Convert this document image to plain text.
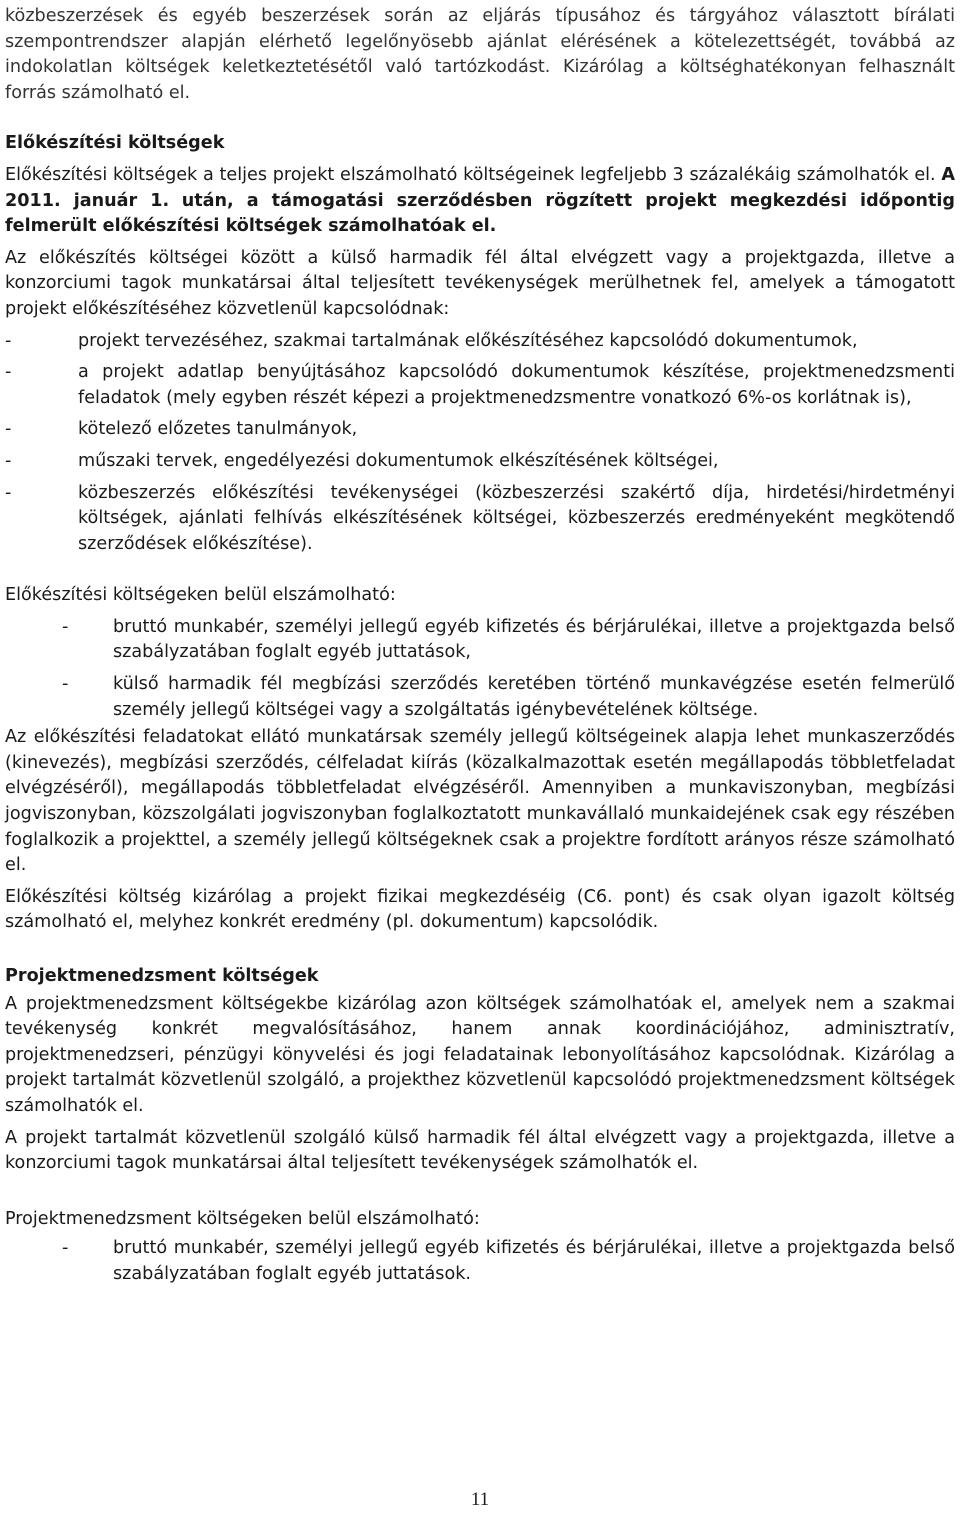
közbeszerzések és egyéb beszerzések során az eljárás típusához és tárgyához választott bírálati szempontrendszer alapján elérhető legelőnyösebb ajánlat elérésének a kötelezettségét, továbbá az indokolatlan költségek keletkeztetésétől való tartózkodást. Kizárólag a költséghatékonyan felhasznált forrás számolható el.

Előkészítési költségek

Előkészítési költségek a teljes projekt elszámolható költségeinek legfeljebb 3 százalékáig számolhatók el. A 2011. január 1. után, a támogatási szerződésben rögzített projekt megkezdési időpontig felmerült előkészítési költségek számolhatóak el.

Az előkészítés költségei között a külső harmadik fél által elvégzett vagy a projektgazda, illetve a konzorciumi tagok munkatársai által teljesített tevékenységek merülhetnek fel, amelyek a támogatott projekt előkészítéséhez közvetlenül kapcsolódnak:

-	projekt tervezéséhez, szakmai tartalmának előkészítéséhez kapcsolódó dokumentumok,
-	a projekt adatlap benyújtásához kapcsolódó dokumentumok készítése, projektmenedzsmenti feladatok (mely egyben részét képezi a projektmenedzsmentre vonatkozó 6%-os korlátnak is),
-	kötelező előzetes tanulmányok,
-	műszaki tervek, engedélyezési dokumentumok elkészítésének költségei,
-	közbeszerzés előkészítési tevékenységei (közbeszerzési szakértő díja, hirdetési/hirdetményi költségek, ajánlati felhívás elkészítésének költségei, közbeszerzés eredményeként megkötendő szerződések előkészítése).

Előkészítési költségeken belül elszámolható:

-	bruttó munkabér, személyi jellegű egyéb kifizetés és bérjárulékai, illetve a projektgazda belső szabályzatában foglalt egyéb juttatások,
-	külső harmadik fél megbízási szerződés keretében történő munkavégzése esetén felmerülő személy jellegű költségei vagy a szolgáltatás igénybevételének költsége.

Az előkészítési feladatokat ellátó munkatársak személy jellegű költségeinek alapja lehet munkaszerződés (kinevezés), megbízási szerződés, célfeladat kiírás (közalkalmazottak esetén megállapodás többletfeladat elvégzéséről), megállapodás többletfeladat elvégzéséről. Amennyiben a munkaviszonyban, megbízási jogviszonyban, közszolgálati jogviszonyban foglalkoztatott munkavállaló munkaidejének csak egy részében foglalkozik a projekttel, a személy jellegű költségeknek csak a projektre fordított arányos része számolható el.

Előkészítési költség kizárólag a projekt fizikai megkezdéséig (C6. pont) és csak olyan igazolt költség számolható el, melyhez konkrét eredmény (pl. dokumentum) kapcsolódik.

Projektmenedzsment költségek

A projektmenedzsment költségekbe kizárólag azon költségek számolhatóak el, amelyek nem a szakmai tevékenység konkrét megvalósításához, hanem annak koordinációjához, adminisztratív, projektmenedzseri, pénzügyi könyvelési és jogi feladatainak lebonyolításához kapcsolódnak. Kizárólag a projekt tartalmát közvetlenül szolgáló, a projekthez közvetlenül kapcsolódó projektmenedzsment költségek számolhatók el.

A projekt tartalmát közvetlenül szolgáló külső harmadik fél által elvégzett vagy a projektgazda, illetve a konzorciumi tagok munkatársai által teljesített tevékenységek számolhatók el.

Projektmenedzsment költségeken belül elszámolható:

-	bruttó munkabér, személyi jellegű egyéb kifizetés és bérjárulékai, illetve a projektgazda belső szabályzatában foglalt egyéb juttatások.
11
